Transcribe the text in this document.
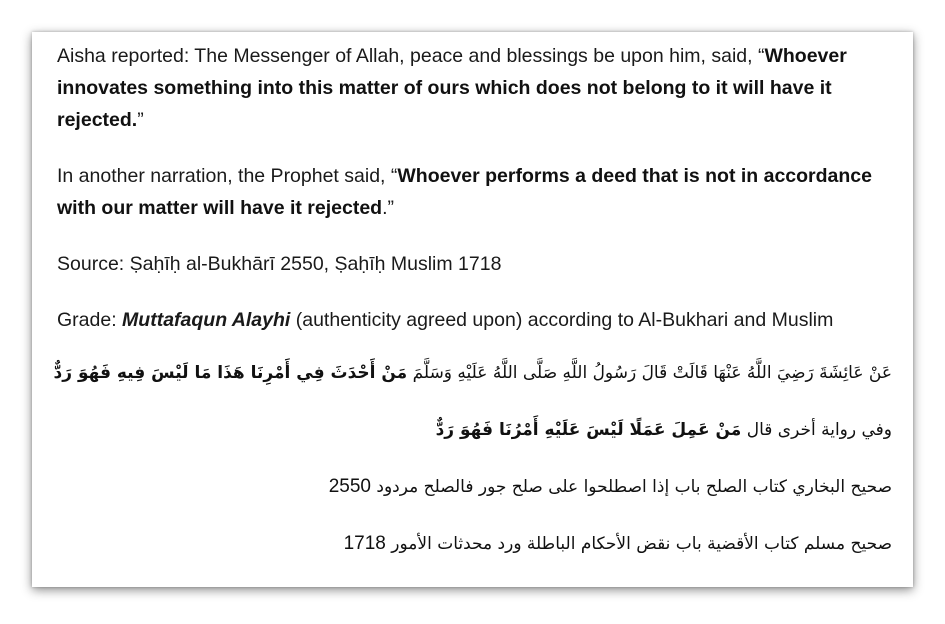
Aisha reported: The Messenger of Allah, peace and blessings be upon him, said, “Whoever innovates something into this matter of ours which does not belong to it will have it rejected.”

In another narration, the Prophet said, “Whoever performs a deed that is not in accordance with our matter will have it rejected.”

Source: Ṣaḥīḥ al-Bukhārī 2550, Ṣaḥīḥ Muslim 1718

Grade: Muttafaqun Alayhi (authenticity agreed upon) according to Al-Bukhari and Muslim

عَنْ عَائِشَةَ رَضِيَ اللَّهُ عَنْهَا قَالَتْ قَالَ رَسُولُ اللَّهِ صَلَّى اللَّهُ عَلَيْهِ وَسَلَّمَ مَنْ أَحْدَثَ فِي أَمْرِنَا هَذَا مَا لَيْسَ فِيهِ فَهُوَ رَدٌّ

وفي رواية أخرى قال مَنْ عَمِلَ عَمَلًا لَيْسَ عَلَيْهِ أَمْرُنَا فَهُوَ رَدٌّ

صحيح البخاري كتاب الصلح باب إذا اصطلحوا على صلح جور فالصلح مردود 2550

صحيح مسلم كتاب الأقضية باب نقض الأحكام الباطلة ورد محدثات الأمور 1718
